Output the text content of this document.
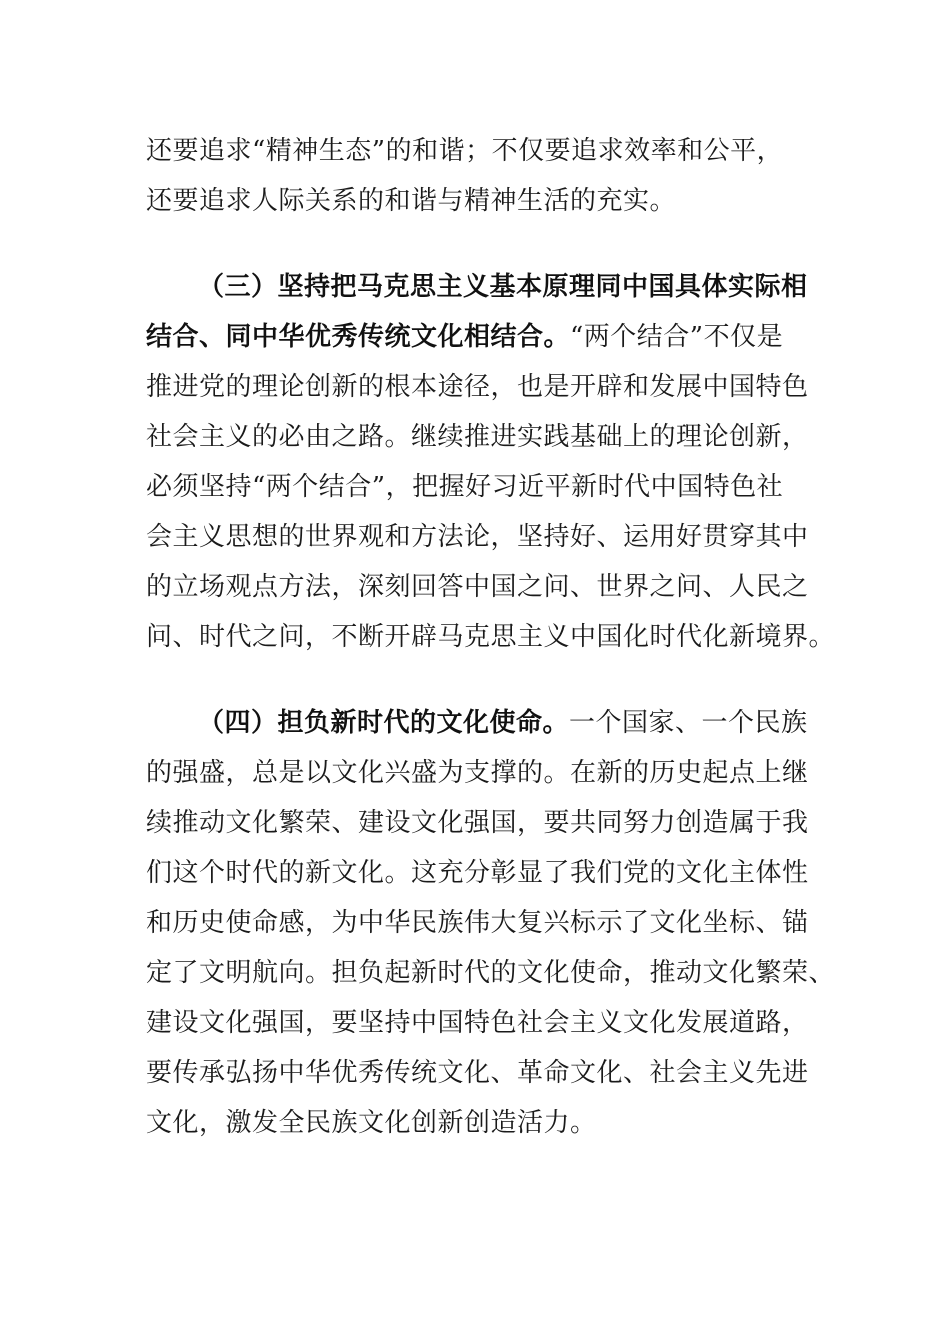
还要追求“精神生态”的和谐；不仅要追求效率和公平，
还要追求人际关系的和谐与精神生活的充实。
（三）坚持把马克思主义基本原理同中国具体实际相
结合、同中华优秀传统文化相结合。“两个结合”不仅是
推进党的理论创新的根本途径，也是开辟和发展中国特色
社会主义的必由之路。继续推进实践基础上的理论创新，
必须坚持“两个结合”，把握好习近平新时代中国特色社
会主义思想的世界观和方法论，坚持好、运用好贯穿其中
的立场观点方法，深刻回答中国之问、世界之问、人民之
问、时代之问，不断开辟马克思主义中国化时代化新境界。
（四）担负新时代的文化使命。一个国家、一个民族
的强盛，总是以文化兴盛为支撑的。在新的历史起点上继
续推动文化繁荣、建设文化强国，要共同努力创造属于我
们这个时代的新文化。这充分彰显了我们党的文化主体性
和历史使命感，为中华民族伟大复兴标示了文化坐标、锚
定了文明航向。担负起新时代的文化使命，推动文化繁荣、
建设文化强国，要坚持中国特色社会主义文化发展道路，
要传承弘扬中华优秀传统文化、革命文化、社会主义先进
文化，激发全民族文化创新创造活力。
